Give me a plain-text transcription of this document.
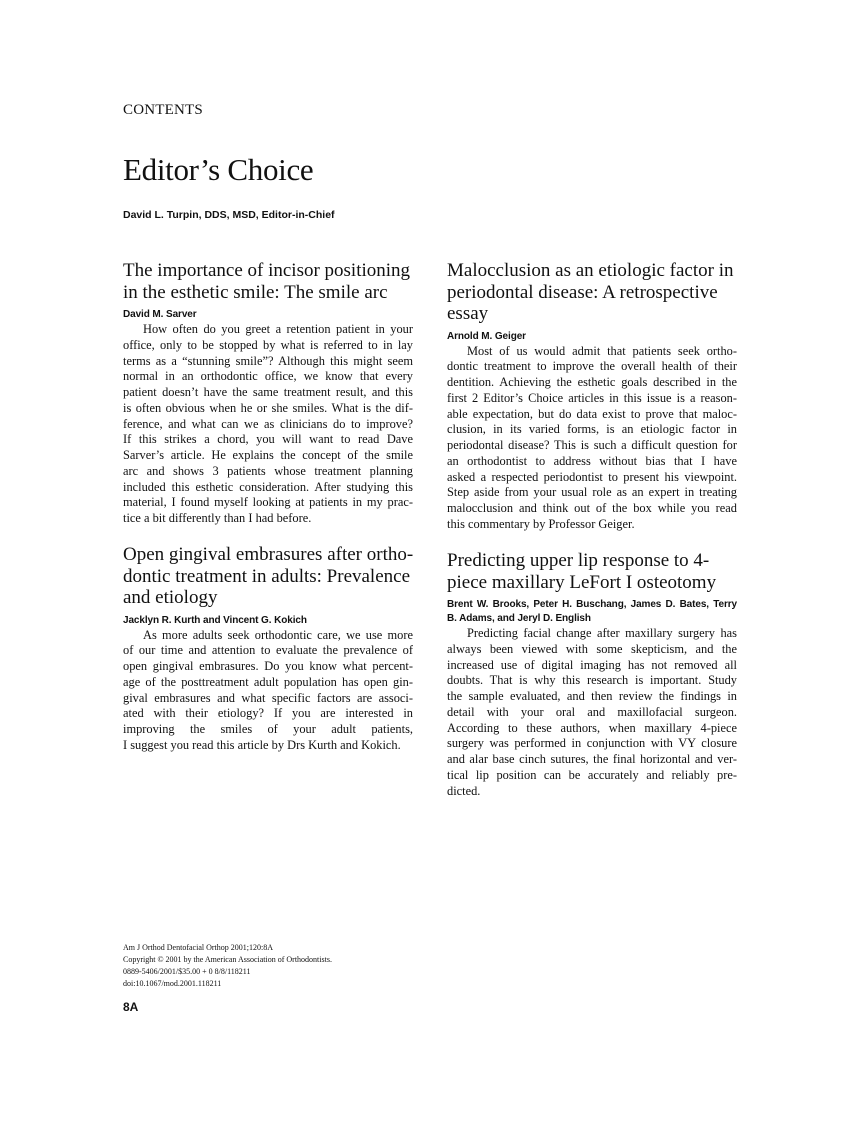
CONTENTS
Editor’s Choice
David L. Turpin, DDS, MSD, Editor-in-Chief
The importance of incisor positioning
in the esthetic smile: The smile arc
David M. Sarver
How often do you greet a retention patient in your
office, only to be stopped by what is referred to in lay
terms as a “stunning smile”? Although this might seem
normal in an orthodontic office, we know that every
patient doesn’t have the same treatment result, and this
is often obvious when he or she smiles. What is the dif-
ference, and what can we as clinicians do to improve?
If this strikes a chord, you will want to read Dave
Sarver’s article. He explains the concept of the smile
arc and shows 3 patients whose treatment planning
included this esthetic consideration. After studying this
material, I found myself looking at patients in my prac-
tice a bit differently than I had before.
Open gingival embrasures after ortho-
dontic treatment in adults: Prevalence
and etiology
Jacklyn R. Kurth and Vincent G. Kokich
As more adults seek orthodontic care, we use more
of our time and attention to evaluate the prevalence of
open gingival embrasures. Do you know what percent-
age of the posttreatment adult population has open gin-
gival embrasures and what specific factors are associ-
ated with their etiology? If you are interested in
improving the smiles of your adult patients,
I suggest you read this article by Drs Kurth and Kokich.
Malocclusion as an etiologic factor in
periodontal disease: A retrospective
essay
Arnold M. Geiger
Most of us would admit that patients seek ortho-
dontic treatment to improve the overall health of their
dentition. Achieving the esthetic goals described in the
first 2 Editor’s Choice articles in this issue is a reason-
able expectation, but do data exist to prove that maloc-
clusion, in its varied forms, is an etiologic factor in
periodontal disease? This is such a difficult question for
an orthodontist to address without bias that I have
asked a respected periodontist to present his viewpoint.
Step aside from your usual role as an expert in treating
malocclusion and think out of the box while you read
this commentary by Professor Geiger.
Predicting upper lip response to 4-
piece maxillary LeFort I osteotomy
Brent W. Brooks, Peter H. Buschang, James D. Bates, Terry
B. Adams, and Jeryl D. English
Predicting facial change after maxillary surgery has
always been viewed with some skepticism, and the
increased use of digital imaging has not removed all
doubts. That is why this research is important. Study
the sample evaluated, and then review the findings in
detail with your oral and maxillofacial surgeon.
According to these authors, when maxillary 4-piece
surgery was performed in conjunction with VY closure
and alar base cinch sutures, the final horizontal and ver-
tical lip position can be accurately and reliably pre-
dicted.
Am J Orthod Dentofacial Orthop 2001;120:8A
Copyright © 2001 by the American Association of Orthodontists.
0889-5406/2001/$35.00 + 0 8/8/118211
doi:10.1067/mod.2001.118211
8A
